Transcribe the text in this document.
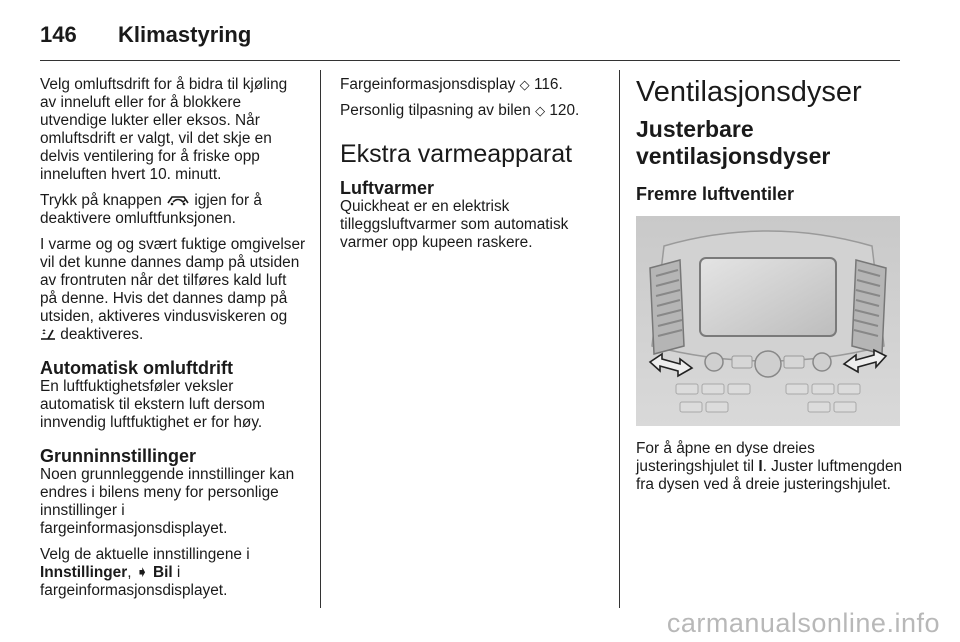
146 Klimastyring

Velg omluftsdrift for å bidra til kjøling av inneluft eller for å blokkere utvendige lukter eller eksos. Når omluftsdrift er valgt, vil det skje en delvis ventilering for å friske opp inneluften hvert 10. minutt.

Trykk på knappen igjen for å deaktivere omluftfunksjonen.

I varme og og svært fuktige omgivelser vil det kunne dannes damp på utsiden av frontruten når det tilføres kald luft på denne. Hvis det dannes damp på utsiden, aktiveres vindusviskeren og  deaktiveres.

Automatisk omluftdrift

En luftfuktighetsføler veksler automatisk til ekstern luft dersom innvendig luftfuktighet er for høy.

Grunninnstillinger

Noen grunnleggende innstillinger kan endres i bilens meny for personlige innstillinger i fargeinformasjonsdisplayet.

Velg de aktuelle innstillingene i
Innstillinger, ➧ Bil i fargeinformasjonsdisplayet.

Fargeinformasjonsdisplay ◇ 116.

Personlig tilpasning av bilen ◇ 120.

Ekstra varmeapparat
Luftvarmer

Quickheat er en elektrisk tilleggsluftvarmer som automatisk varmer opp kupeen raskere.

Ventilasjonsdyser
Justerbare ventilasjonsdyser
Fremre luftventiler

For å åpne en dyse dreies justeringshjulet til I. Juster luftmengden fra dysen ved å dreie justeringshjulet.

carmanualsonline.info
